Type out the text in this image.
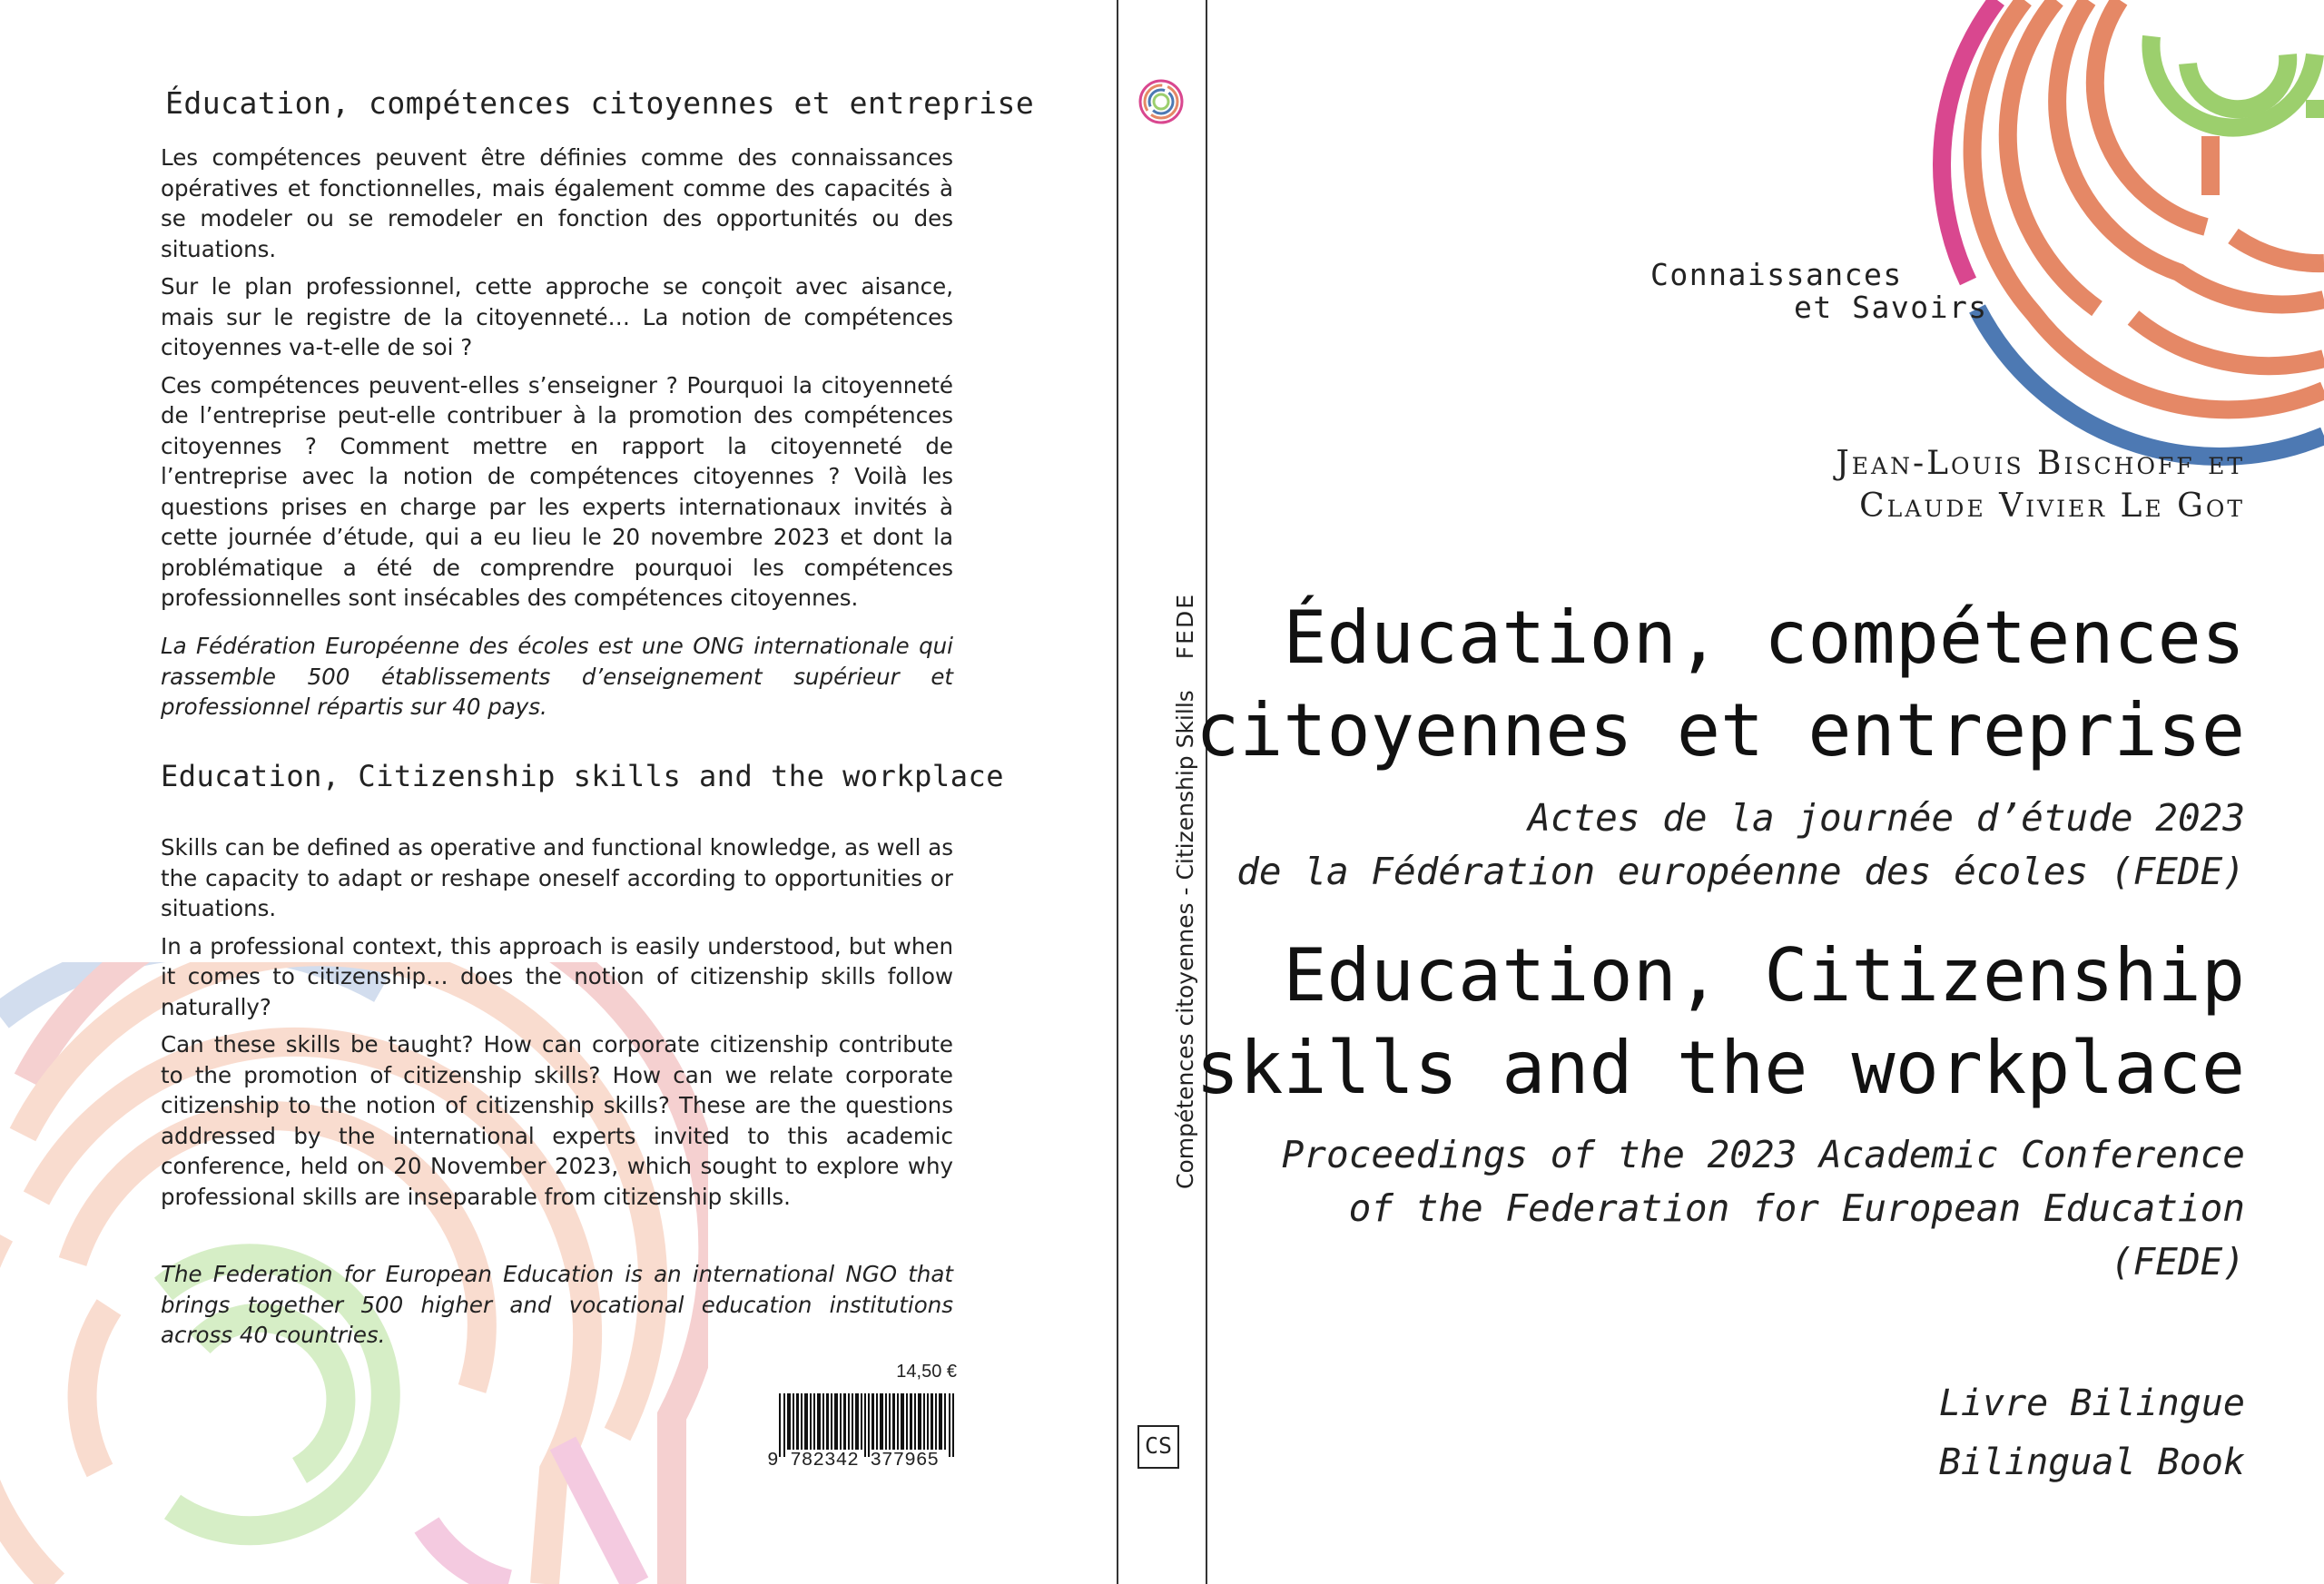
Éducation, compétences citoyennes et entreprise

Les compétences peuvent être définies comme des connaissances opératives et fonctionnelles, mais également comme des capacités à se modeler ou se remodeler en fonction des opportunités ou des situations.

Sur le plan professionnel, cette approche se conçoit avec aisance, mais sur le registre de la citoyenneté… La notion de compétences citoyennes va-t-elle de soi ?

Ces compétences peuvent-elles s’enseigner ? Pourquoi la citoyenneté de l’entreprise peut-elle contribuer à la promotion des compétences citoyennes ? Comment mettre en rapport la citoyenneté de l’entreprise avec la notion de compétences citoyennes ? Voilà les questions prises en charge par les experts internationaux invités à cette journée d’étude, qui a eu lieu le 20 novembre 2023 et dont la problématique a été de comprendre pourquoi les compétences professionnelles sont insécables des compétences citoyennes.

La Fédération Européenne des écoles est une ONG internationale qui rassemble 500 établissements d’enseignement supérieur et professionnel répartis sur 40 pays.

Education, Citizenship skills and the workplace

Skills can be defined as operative and functional knowledge, as well as the capacity to adapt or reshape oneself according to opportunities or situations.

In a professional context, this approach is easily understood, but when it comes to citizenship… does the notion of citizenship skills follow naturally?

Can these skills be taught? How can corporate citizenship contribute to the promotion of citizenship skills? How can we relate corporate citizenship to the notion of citizenship skills? These are the questions addressed by the international experts invited to this academic conference, held on 20 November 2023, which sought to explore why professional skills are inseparable from citizenship skills.

The Federation for European Education is an international NGO that brings together 500 higher and vocational education institutions across 40 countries.

14,50 €
9 782342 377965
Compétences citoyennes - Citizenship SkillsFEDE
CS
Connaissances
et Savoirs
Jean-Louis Bischoff et
Claude Vivier Le Got
Éducation, compétences
citoyennes et entreprise
Actes de la journée d’étude 2023
de la Fédération européenne des écoles (FEDE)
Education, Citizenship
skills and the workplace
Proceedings of the 2023 Academic Conference
of the Federation for European Education
(FEDE)
Livre Bilingue
Bilingual Book
